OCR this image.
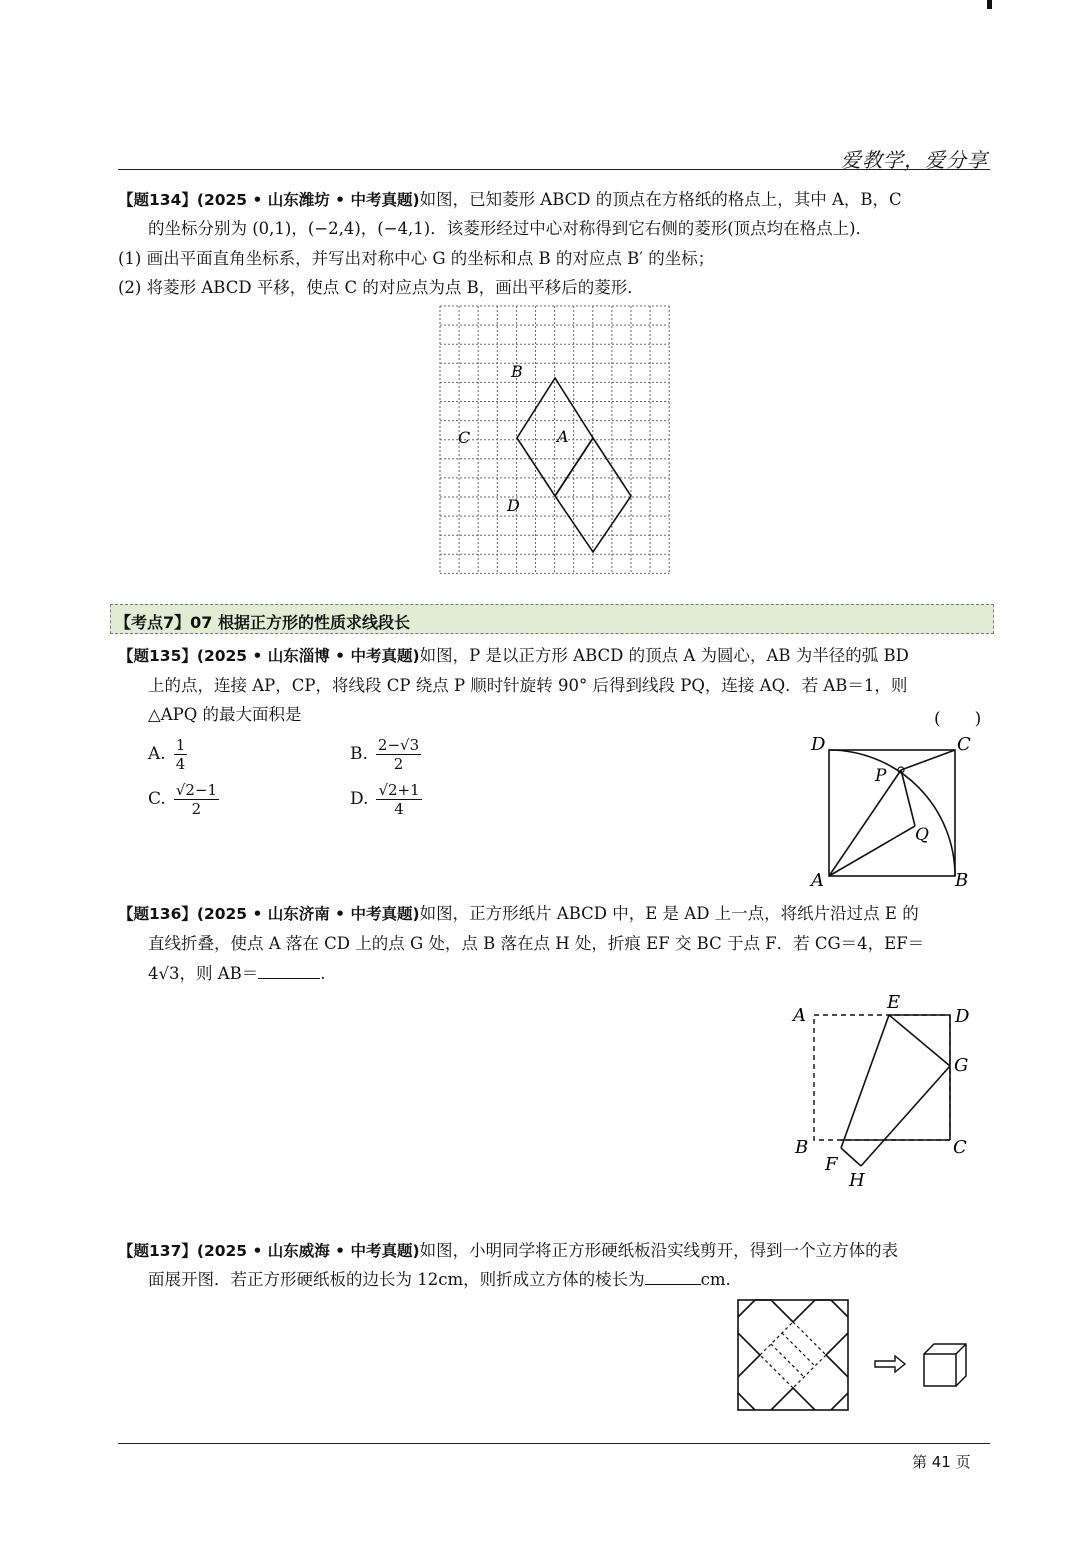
爱教学，爱分享
【题134】(2025 • 山东潍坊 • 中考真题)如图，已知菱形 ABCD 的顶点在方格纸的格点上，其中 A，B，C
的坐标分别为 (0,1)，(−2,4)，(−4,1)．该菱形经过中心对称得到它右侧的菱形(顶点均在格点上)．
(1) 画出平面直角坐标系，并写出对称中心 G 的坐标和点 B 的对应点 B′ 的坐标；
(2) 将菱形 ABCD 平移，使点 C 的对应点为点 B，画出平移后的菱形．
B
C	A
D
【考点7】07 根据正方形的性质求线段长
【题135】(2025 • 山东淄博 • 中考真题)如图，P 是以正方形 ABCD 的顶点 A 为圆心，AB 为半径的弧 BD
上的点，连接 AP，CP，将线段 CP 绕点 P 顺时针旋转 90° 后得到线段 PQ，连接 AQ．若 AB＝1，则
△APQ 的最大面积是	(　　)
A. $\frac{1}{4}$	B. $\frac{2-√3}{2}$
C. $\frac{√2-1}{2}$	D. $\frac{√2+1}{4}$
D	C
P
Q
A	B
【题136】(2025 • 山东济南 • 中考真题)如图，正方形纸片 ABCD 中，E 是 AD 上一点，将纸片沿过点 E 的
直线折叠，使点 A 落在 CD 上的点 G 处，点 B 落在点 H 处，折痕 EF 交 BC 于点 F．若 CG＝4，EF＝
4√3，则 AB＝	.
A
E
D
G
B	C
F
H
【题137】(2025 • 山东威海 • 中考真题)如图，小明同学将正方形硬纸板沿实线剪开，得到一个立方体的表
面展开图．若正方形硬纸板的边长为 12cm，则折成立方体的棱长为	cm.
第 41 页
